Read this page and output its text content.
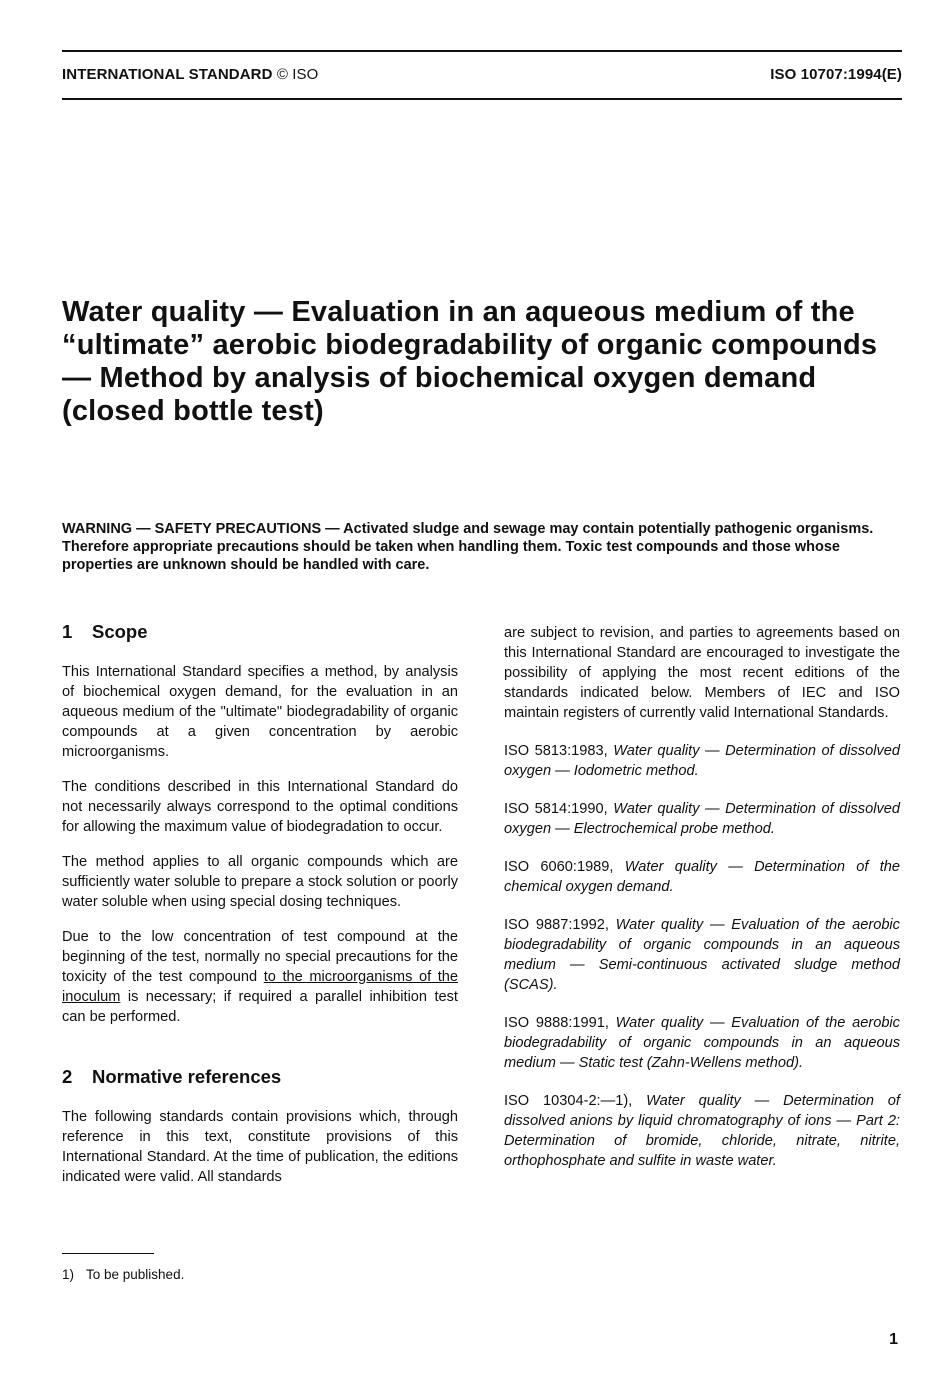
INTERNATIONAL STANDARD © ISO	ISO 10707:1994(E)
Water quality — Evaluation in an aqueous medium of the “ultimate” aerobic biodegradability of organic compounds — Method by analysis of biochemical oxygen demand (closed bottle test)

WARNING — SAFETY PRECAUTIONS — Activated sludge and sewage may contain potentially pathogenic organisms. Therefore appropriate precautions should be taken when handling them. Toxic test compounds and those whose properties are unknown should be handled with care.

1 Scope

This International Standard specifies a method, by analysis of biochemical oxygen demand, for the evaluation in an aqueous medium of the "ultimate" biodegradability of organic compounds at a given concentration by aerobic microorganisms.

The conditions described in this International Standard do not necessarily always correspond to the optimal conditions for allowing the maximum value of biodegradation to occur.

The method applies to all organic compounds which are sufficiently water soluble to prepare a stock solution or poorly water soluble when using special dosing techniques.

Due to the low concentration of test compound at the beginning of the test, normally no special precautions for the toxicity of the test compound to the microorganisms of the inoculum is necessary; if required a parallel inhibition test can be performed.

2 Normative references

The following standards contain provisions which, through reference in this text, constitute provisions of this International Standard. At the time of publication, the editions indicated were valid. All standards

are subject to revision, and parties to agreements based on this International Standard are encouraged to investigate the possibility of applying the most recent editions of the standards indicated below. Members of IEC and ISO maintain registers of currently valid International Standards.

ISO 5813:1983, Water quality — Determination of dissolved oxygen — Iodometric method.

ISO 5814:1990, Water quality — Determination of dissolved oxygen — Electrochemical probe method.

ISO 6060:1989, Water quality — Determination of the chemical oxygen demand.

ISO 9887:1992, Water quality — Evaluation of the aerobic biodegradability of organic compounds in an aqueous medium — Semi-continuous activated sludge method (SCAS).

ISO 9888:1991, Water quality — Evaluation of the aerobic biodegradability of organic compounds in an aqueous medium — Static test (Zahn-Wellens method).

ISO 10304-2:—1), Water quality — Determination of dissolved anions by liquid chromatography of ions — Part 2: Determination of bromide, chloride, nitrate, nitrite, orthophosphate and sulfite in waste water.

1) To be published.
1
